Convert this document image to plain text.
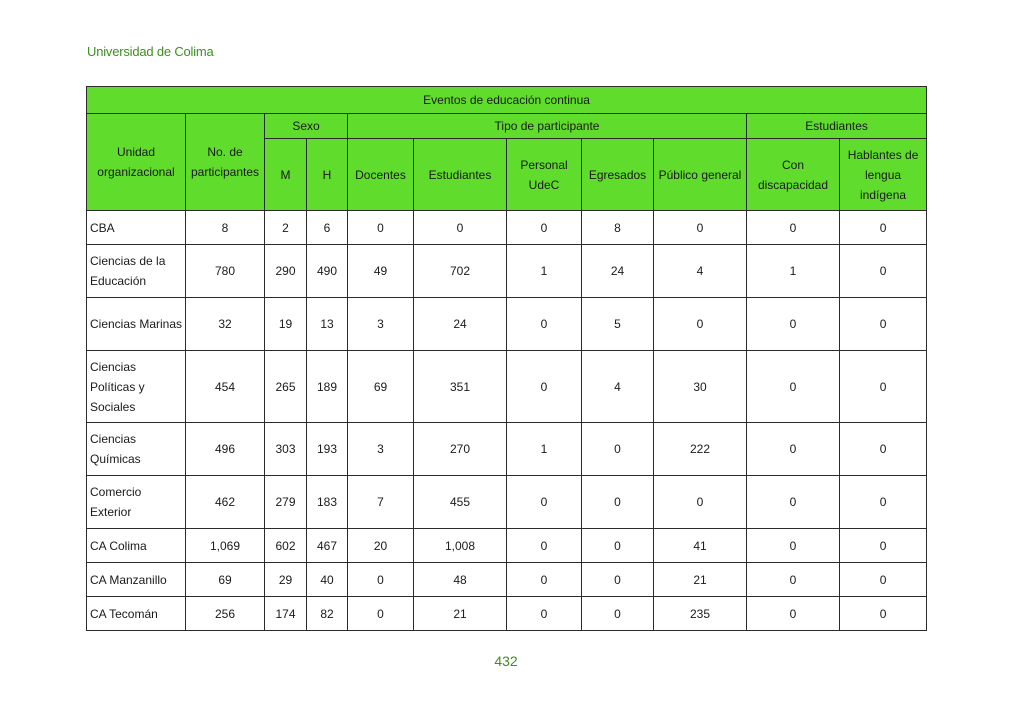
Universidad de Colima
Eventos de educación continua										
Unidad organizacional	No. de participantes	Sexo		Tipo de participante					Estudiantes	
		M	H	Docentes	Estudiantes	Personal UdeC	Egresados	Público general	Con discapacidad	Hablantes de lengua indígena
CBA	8	2	6	0	0	0	8	0	0	0
Ciencias de la Educación	780	290	490	49	702	1	24	4	1	0
Ciencias Marinas	32	19	13	3	24	0	5	0	0	0
Ciencias Políticas y Sociales	454	265	189	69	351	0	4	30	0	0
Ciencias Químicas	496	303	193	3	270	1	0	222	0	0
Comercio Exterior	462	279	183	7	455	0	0	0	0	0
CA Colima	1,069	602	467	20	1,008	0	0	41	0	0
CA Manzanillo	69	29	40	0	48	0	0	21	0	0
CA Tecomán	256	174	82	0	21	0	0	235	0	0
432
